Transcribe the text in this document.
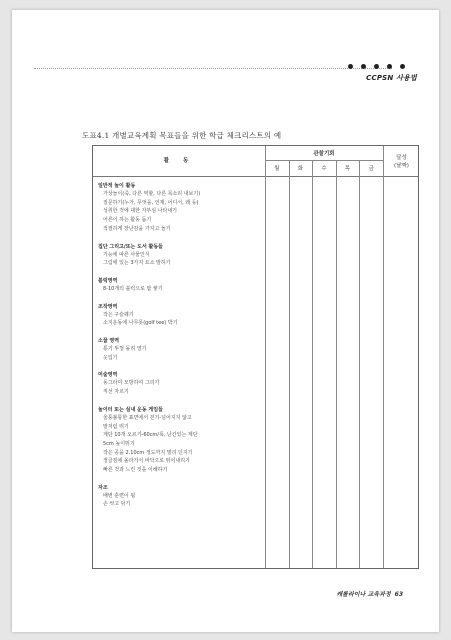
CCPSN 사용법
도표4.1 개별교육계획 목표들을 위한 학급 체크리스트의 예
활 동
관찰기회
월	화	수	목	금
달성
(날짜)
일반적 놀이 활동
가상놀이(죽, 다른 역할, 다른 목소리 내보기)
질문하기(누가, 무엇을, 언제, 어디서, 왜 등)
성취한 것에 대한 자부심 나타내기
어른이 하는 활동 돕기
적절하게 장난감을 가지고 놀기
집단 그리고/또는 도서 활동들
기능에 따른 사물인식
그림에 있는 3가지 요소 말하기
블럭영역
8-10개의 블럭으로 탑 쌓기
조작영역
작은 구슬꿰기
소지운동에 나무못(golf tee) 박기
소꿉 영역
통기 뚜껑 돌려 열기
옷입기
미술영역
동그라미 모방하여 그리기
직선 자르기
놀이터 또는 실내 운동 게임들
울퉁불퉁한 표면에서 걷기-넘어지지 않고
말처럼 뛰기
계단 10개 오르기-60cm/폭, 난간있는 계단
5cm 높이뛰기
작은 공을 2.10cm 정도까지 멀리 던지기
정글짐에 올라가서 바닥으로 뛰어내리기
빠른 것과 느린 것을 이해하기
자조
배변 훈련이 됨
손 씻고 닦기
캐롤라이나 교육과정 63
